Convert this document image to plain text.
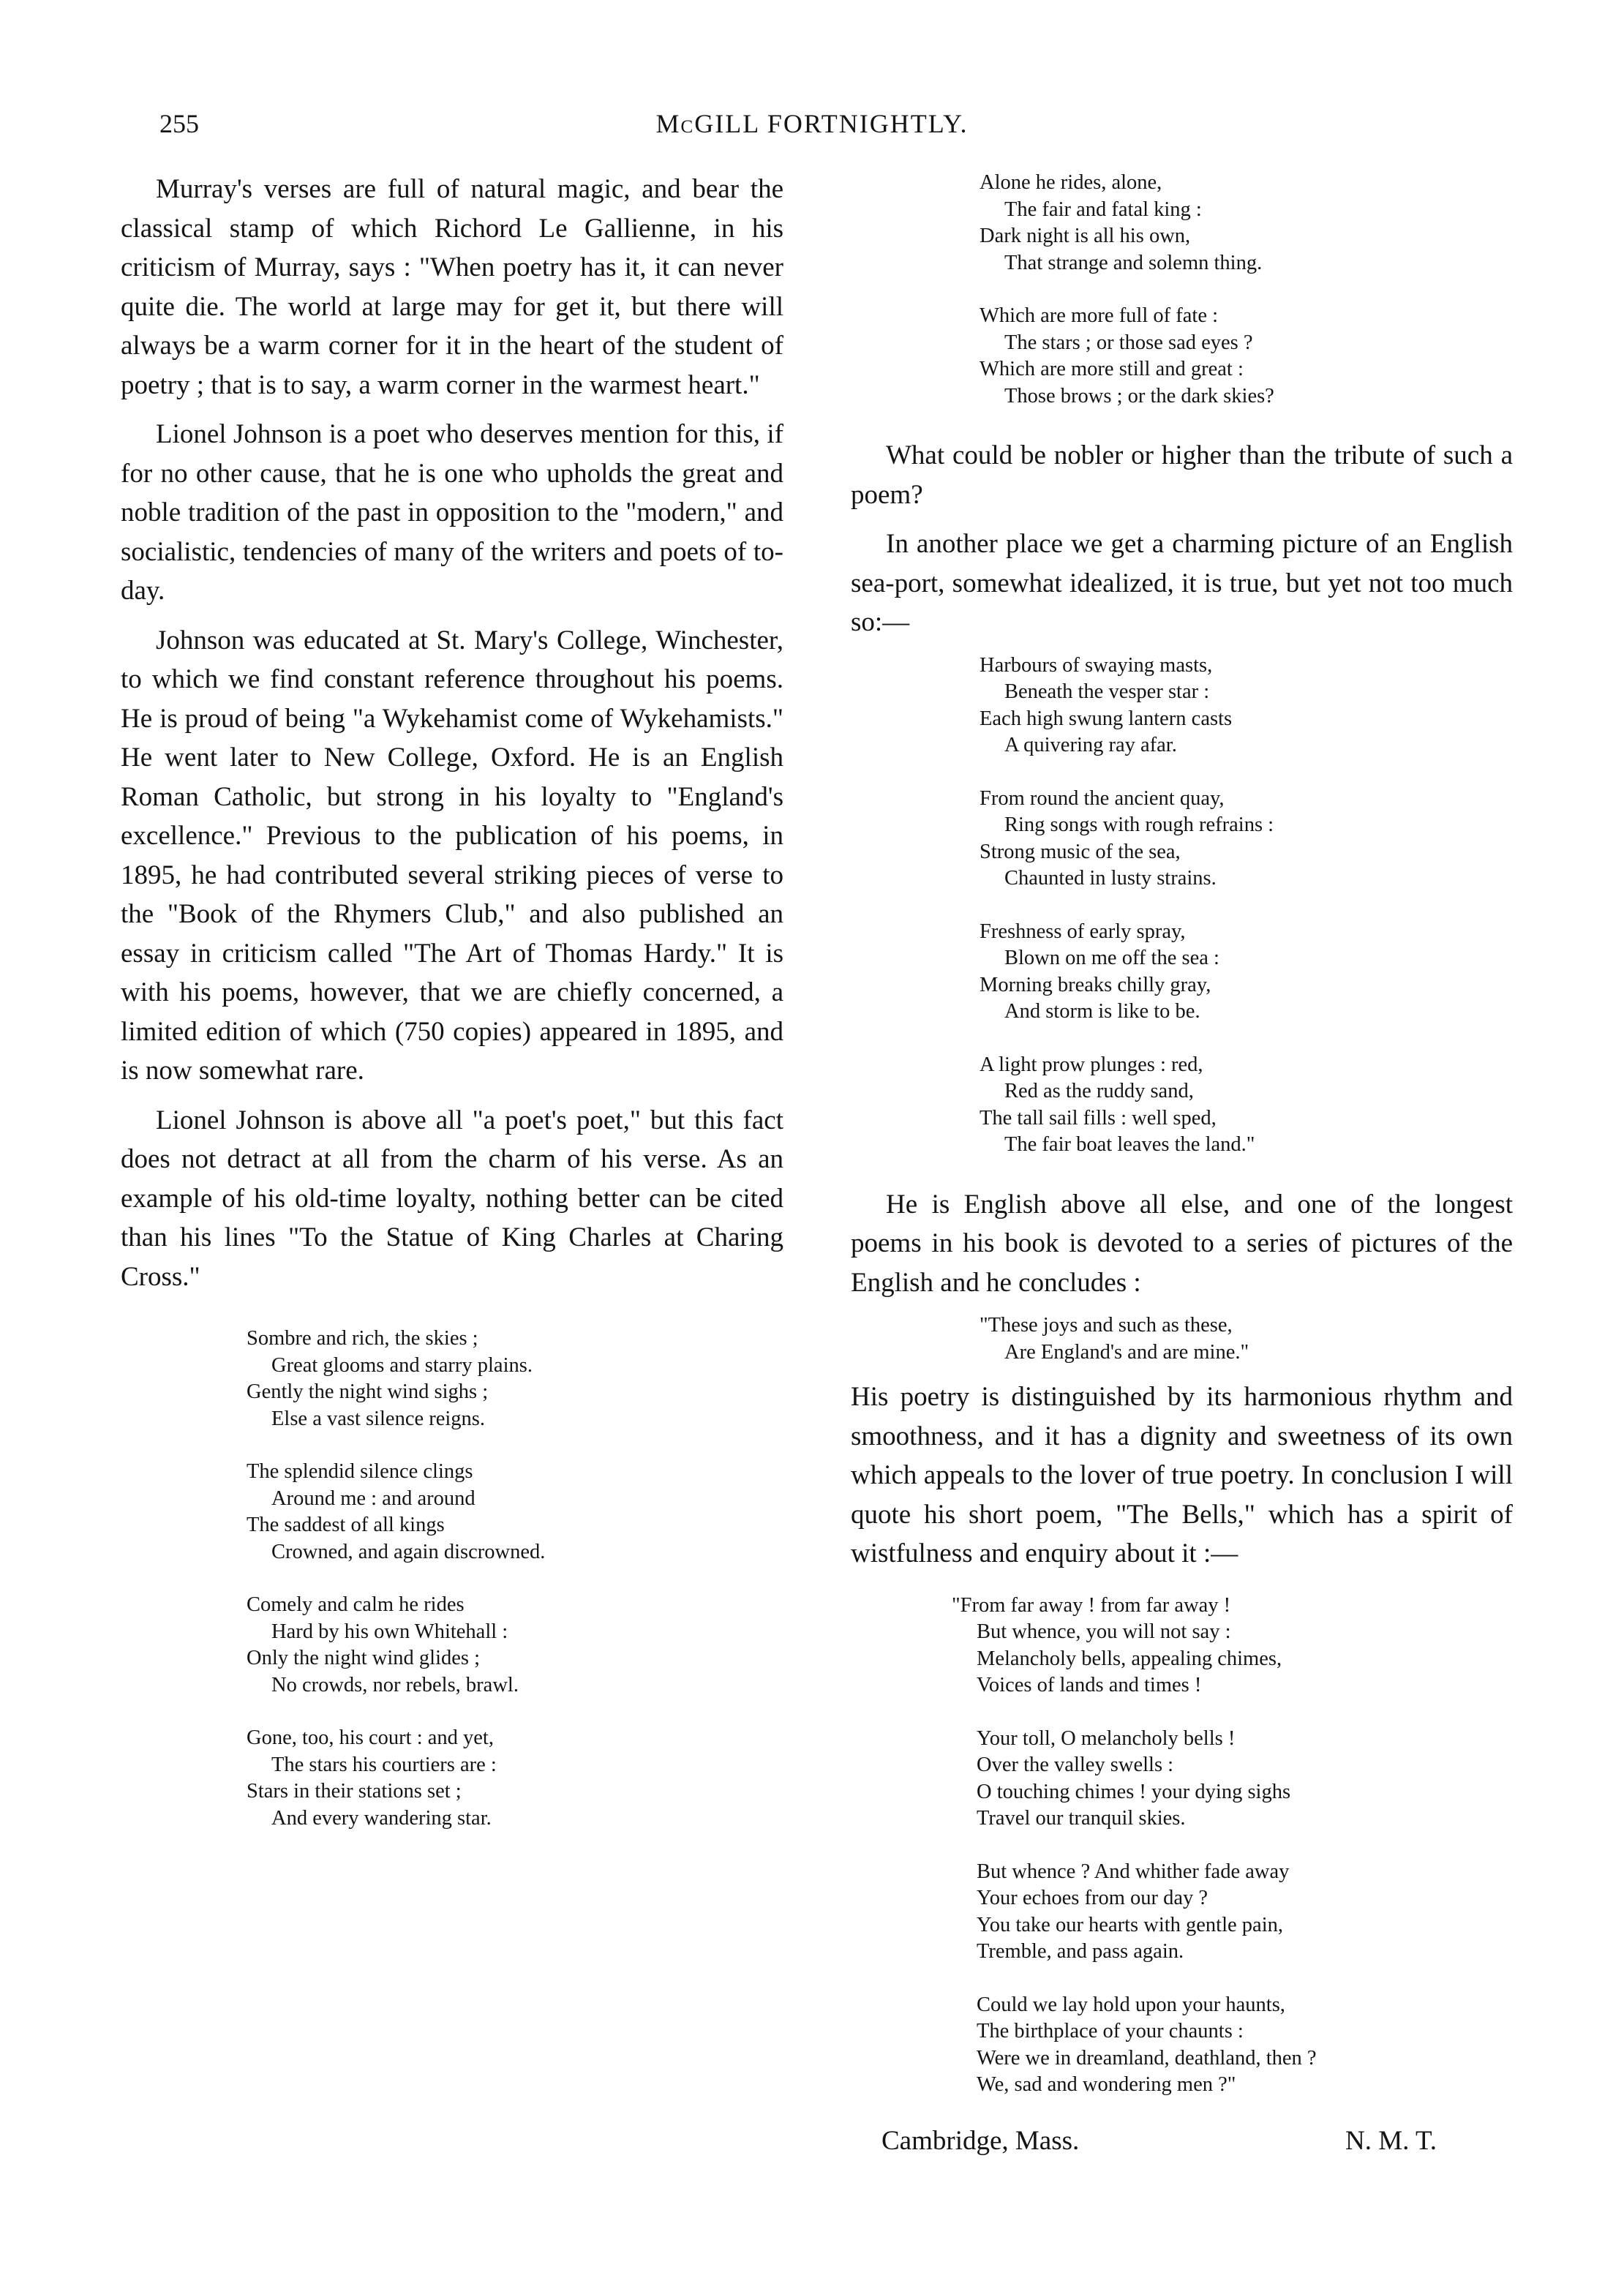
255	McGILL FORTNIGHTLY.

Murray's verses are full of natural magic, and bear the classical stamp of which Richord Le Gallienne, in his criticism of Murray, says : "When poetry has it, it can never quite die. The world at large may for get it, but there will always be a warm corner for it in the heart of the student of poetry ; that is to say, a warm corner in the warmest heart."

Lionel Johnson is a poet who deserves mention for this, if for no other cause, that he is one who upholds the great and noble tradition of the past in opposition to the "modern," and socialistic, tendencies of many of the writers and poets of to-day.

Johnson was educated at St. Mary's College, Winchester, to which we find constant reference throughout his poems. He is proud of being "a Wykehamist come of Wykehamists." He went later to New College, Oxford. He is an English Roman Catholic, but strong in his loyalty to "England's excellence." Previous to the publication of his poems, in 1895, he had contributed several striking pieces of verse to the "Book of the Rhymers Club," and also published an essay in criticism called "The Art of Thomas Hardy." It is with his poems, however, that we are chiefly concerned, a limited edition of which (750 copies) appeared in 1895, and is now somewhat rare.

Lionel Johnson is above all "a poet's poet," but this fact does not detract at all from the charm of his verse. As an example of his old-time loyalty, nothing better can be cited than his lines "To the Statue of King Charles at Charing Cross."

Sombre and rich, the skies ;
Great glooms and starry plains.
Gently the night wind sighs ;
Else a vast silence reigns.
The splendid silence clings
Around me : and around
The saddest of all kings
Crowned, and again discrowned.
Comely and calm he rides
Hard by his own Whitehall :
Only the night wind glides ;
No crowds, nor rebels, brawl.
Gone, too, his court : and yet,
The stars his courtiers are :
Stars in their stations set ;
And every wandering star.
Alone he rides, alone,
The fair and fatal king :
Dark night is all his own,
That strange and solemn thing.
Which are more full of fate :
The stars ; or those sad eyes ?
Which are more still and great :
Those brows ; or the dark skies?

What could be nobler or higher than the tribute of such a poem?

In another place we get a charming picture of an English sea-port, somewhat idealized, it is true, but yet not too much so:—

Harbours of swaying masts,
Beneath the vesper star :
Each high swung lantern casts
A quivering ray afar.
From round the ancient quay,
Ring songs with rough refrains :
Strong music of the sea,
Chaunted in lusty strains.
Freshness of early spray,
Blown on me off the sea :
Morning breaks chilly gray,
And storm is like to be.
A light prow plunges : red,
Red as the ruddy sand,
The tall sail fills : well sped,
The fair boat leaves the land."

He is English above all else, and one of the longest poems in his book is devoted to a series of pictures of the English and he concludes :

"These joys and such as these,
Are England's and are mine."

His poetry is distinguished by its harmonious rhythm and smoothness, and it has a dignity and sweetness of its own which appeals to the lover of true poetry. In conclusion I will quote his short poem, "The Bells," which has a spirit of wistfulness and enquiry about it :—

"From far away ! from far away !
But whence, you will not say :
Melancholy bells, appealing chimes,
Voices of lands and times !
Your toll, O melancholy bells !
Over the valley swells :
O touching chimes ! your dying sighs
Travel our tranquil skies.
But whence ? And whither fade away
Your echoes from our day ?
You take our hearts with gentle pain,
Tremble, and pass again.
Could we lay hold upon your haunts,
The birthplace of your chaunts :
Were we in dreamland, deathland, then ?
We, sad and wondering men ?"
Cambridge, Mass.	N. M. T.
